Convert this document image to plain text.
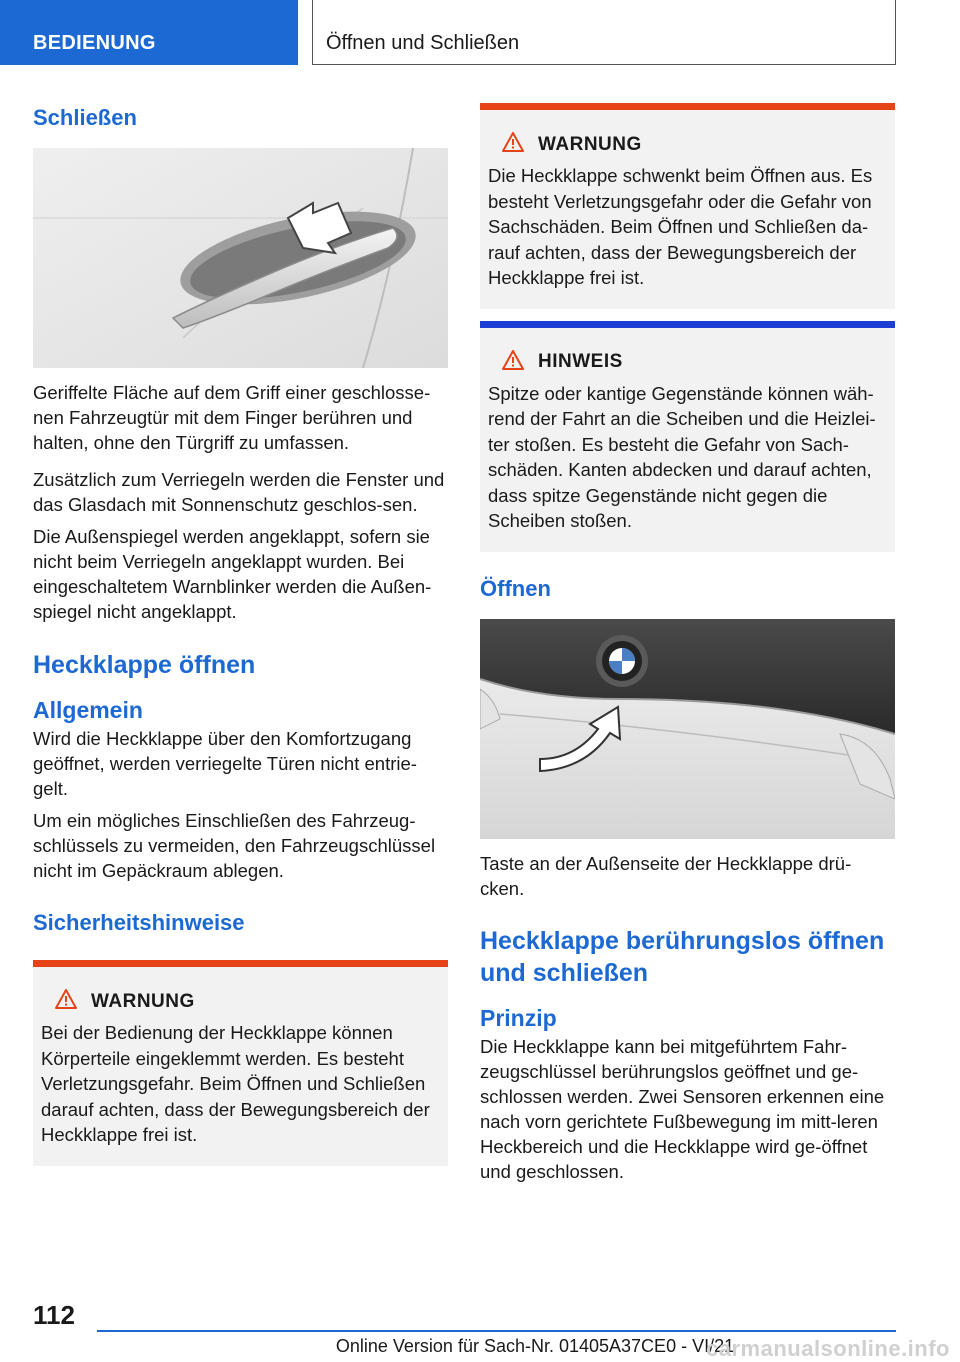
BEDIENUNG	Öffnen und Schließen
Schließen

Geriffelte Fläche auf dem Griff einer geschlosse-nen Fahrzeugtür mit dem Finger berühren und halten, ohne den Türgriff zu umfassen.

Zusätzlich zum Verriegeln werden die Fenster und das Glasdach mit Sonnenschutz geschlos-sen.

Die Außenspiegel werden angeklappt, sofern sie nicht beim Verriegeln angeklappt wurden. Bei eingeschaltetem Warnblinker werden die Außen-spiegel nicht angeklappt.

Heckklappe öffnen
Allgemein

Wird die Heckklappe über den Komfortzugang geöffnet, werden verriegelte Türen nicht entrie-gelt.

Um ein mögliches Einschließen des Fahrzeug-schlüssels zu vermeiden, den Fahrzeugschlüssel nicht im Gepäckraum ablegen.

Sicherheitshinweise
WARNUNG

Bei der Bedienung der Heckklappe können Körperteile eingeklemmt werden. Es besteht Verletzungsgefahr. Beim Öffnen und Schließen darauf achten, dass der Bewegungsbereich der Heckklappe frei ist.

WARNUNG

Die Heckklappe schwenkt beim Öffnen aus. Es besteht Verletzungsgefahr oder die Gefahr von Sachschäden. Beim Öffnen und Schließen da-rauf achten, dass der Bewegungsbereich der Heckklappe frei ist.

HINWEIS

Spitze oder kantige Gegenstände können wäh-rend der Fahrt an die Scheiben und die Heizlei-ter stoßen. Es besteht die Gefahr von Sach-schäden. Kanten abdecken und darauf achten, dass spitze Gegenstände nicht gegen die Scheiben stoßen.

Öffnen

Taste an der Außenseite der Heckklappe drü-cken.

Heckklappe berührungslos öffnen und schließen
Prinzip

Die Heckklappe kann bei mitgeführtem Fahr-zeugschlüssel berührungslos geöffnet und ge-schlossen werden. Zwei Sensoren erkennen eine nach vorn gerichtete Fußbewegung im mitt-leren Heckbereich und die Heckklappe wird ge-öffnet und geschlossen.

112
Online Version für Sach-Nr. 01405A37CE0 - VI/21
carmanualsonline.info
